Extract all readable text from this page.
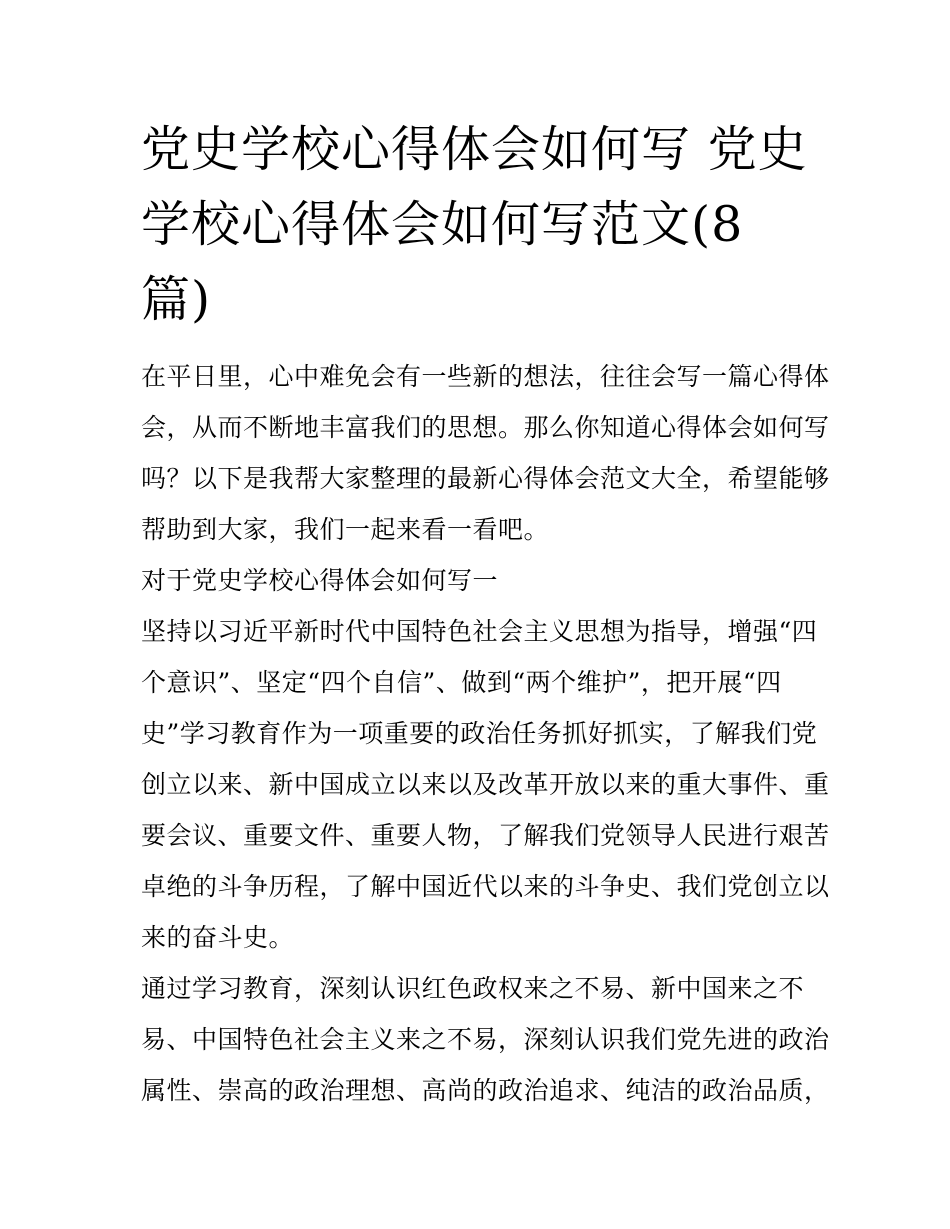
党史学校心得体会如何写 党史
学校心得体会如何写范文(8
篇)

在平日里，心中难免会有一些新的想法，往往会写一篇心得体

会，从而不断地丰富我们的思想。那么你知道心得体会如何写

吗？以下是我帮大家整理的最新心得体会范文大全，希望能够

帮助到大家，我们一起来看一看吧。

对于党史学校心得体会如何写一

坚持以习近平新时代中国特色社会主义思想为指导，增强“四

个意识”、坚定“四个自信”、做到“两个维护”，把开展“四

史”学习教育作为一项重要的政治任务抓好抓实，了解我们党

创立以来、新中国成立以来以及改革开放以来的重大事件、重

要会议、重要文件、重要人物，了解我们党领导人民进行艰苦

卓绝的斗争历程，了解中国近代以来的斗争史、我们党创立以

来的奋斗史。

通过学习教育，深刻认识红色政权来之不易、新中国来之不

易、中国特色社会主义来之不易，深刻认识我们党先进的政治

属性、崇高的政治理想、高尚的政治追求、纯洁的政治品质，
